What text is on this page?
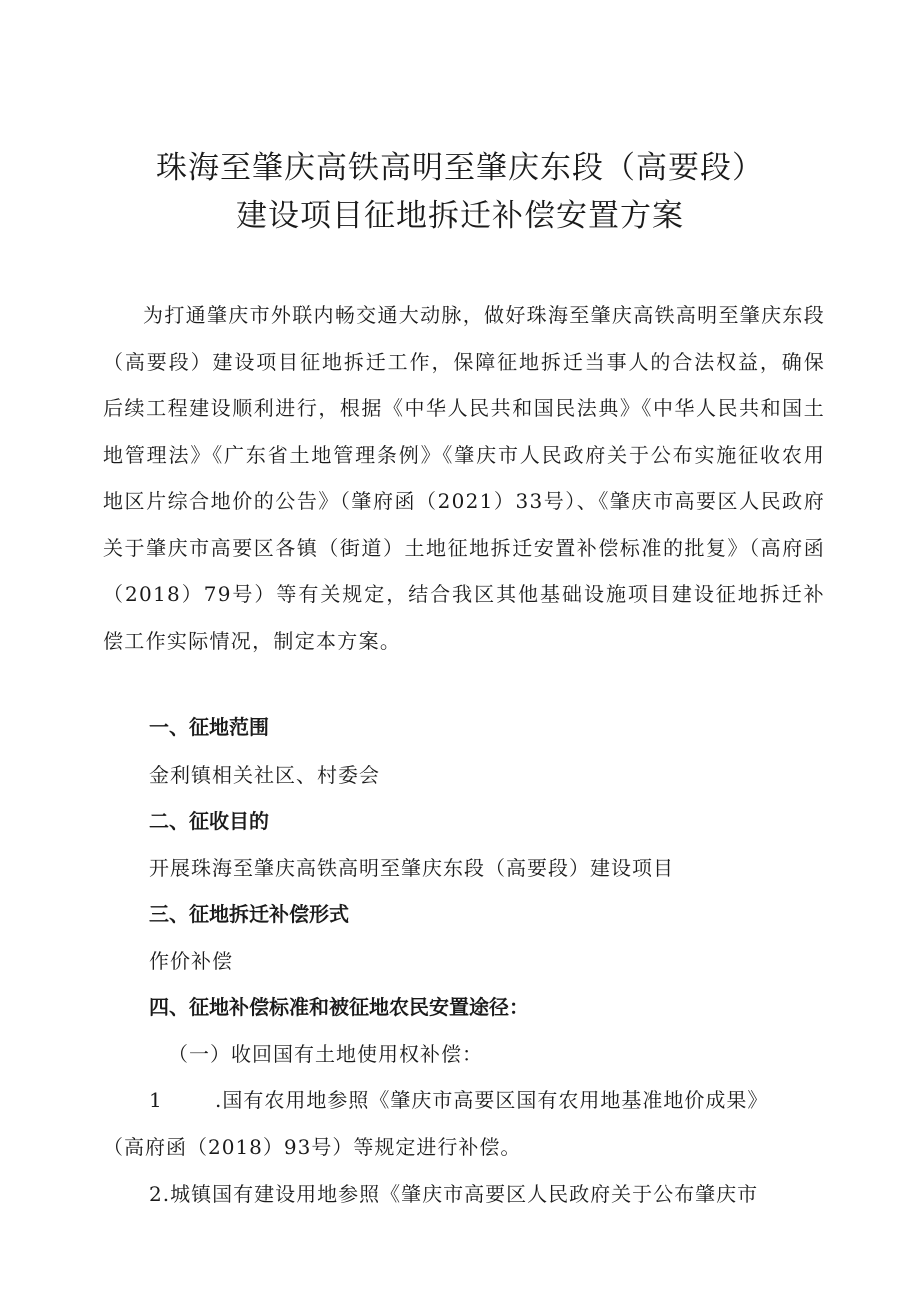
珠海至肇庆高铁高明至肇庆东段（高要段）
建设项目征地拆迁补偿安置方案

为打通肇庆市外联内畅交通大动脉，做好珠海至肇庆高铁高明至肇庆东段（高要段）建设项目征地拆迁工作，保障征地拆迁当事人的合法权益，确保后续工程建设顺利进行，根据《中华人民共和国民法典》《中华人民共和国土地管理法》《广东省土地管理条例》《肇庆市人民政府关于公布实施征收农用地区片综合地价的公告》（肇府函（2021）33号）、《肇庆市高要区人民政府关于肇庆市高要区各镇（街道）土地征地拆迁安置补偿标准的批复》（高府函（2018）79号）等有关规定，结合我区其他基础设施项目建设征地拆迁补偿工作实际情况，制定本方案。

一、征地范围
金利镇相关社区、村委会
二、征收目的
开展珠海至肇庆高铁高明至肇庆东段（高要段）建设项目
三、征地拆迁补偿形式
作价补偿
四、征地补偿标准和被征地农民安置途径：
（一）收回国有土地使用权补偿：
1	.国有农用地参照《肇庆市高要区国有农用地基准地价成果》
（高府函（2018）93号）等规定进行补偿。
2.城镇国有建设用地参照《肇庆市高要区人民政府关于公布肇庆市
